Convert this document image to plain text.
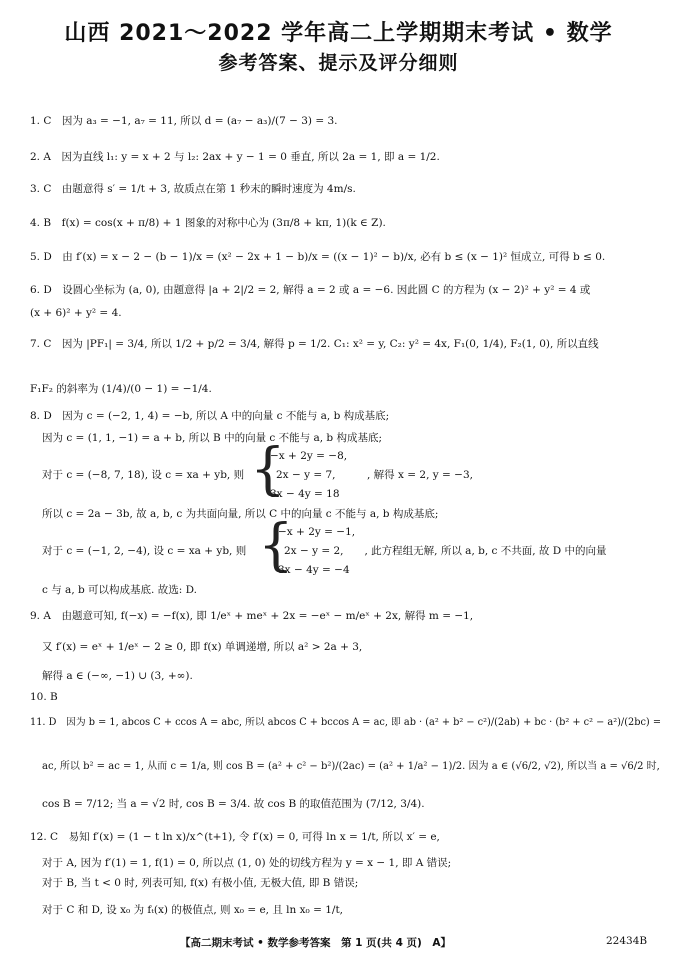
山西 2021～2022 学年高二上学期期末考试 • 数学
参考答案、提示及评分细则
1. C　因为 a₃ = −1, a₇ = 11, 所以 d = (a₇ − a₃)/(7 − 3) = 3.
2. A　因为直线 l₁: y = x + 2 与 l₂: 2ax + y − 1 = 0 垂直, 所以 2a = 1, 即 a = 1/2.
3. C　由题意得 s′ = 1/t + 3, 故质点在第 1 秒末的瞬时速度为 4m/s.
4. B　f(x) = cos(x + π/8) + 1 图象的对称中心为 (3π/8 + kπ, 1)(k ∈ Z).
5. D　由 f′(x) = x − 2 − (b − 1)/x = (x² − 2x + 1 − b)/x = ((x − 1)² − b)/x, 必有 b ≤ (x − 1)² 恒成立, 可得 b ≤ 0.
6. D　设圆心坐标为 (a, 0), 由题意得 |a + 2|/2 = 2, 解得 a = 2 或 a = −6. 因此圆 C 的方程为 (x − 2)² + y² = 4 或
(x + 6)² + y² = 4.
7. C　因为 |PF₁| = 3/4, 所以 1/2 + p/2 = 3/4, 解得 p = 1/2. C₁: x² = y, C₂: y² = 4x, F₁(0, 1/4), F₂(1, 0), 所以直线
F₁F₂ 的斜率为 (1/4)/(0 − 1) = −1/4.
8. D　因为 c = (−2, 1, 4) = −b, 所以 A 中的向量 c 不能与 a, b 构成基底;
因为 c = (1, 1, −1) = a + b, 所以 B 中的向量 c 不能与 a, b 构成基底;
{
−x + 2y = −8,
对于 c = (−8, 7, 18), 设 c = xa + yb, 则	2x − y = 7,　　　, 解得 x = 2, y = −3,
3x − 4y = 18
所以 c = 2a − 3b, 故 a, b, c 为共面向量, 所以 C 中的向量 c 不能与 a, b 构成基底;
{
−x + 2y = −1,
对于 c = (−1, 2, −4), 设 c = xa + yb, 则	2x − y = 2,　　, 此方程组无解, 所以 a, b, c 不共面, 故 D 中的向量
3x − 4y = −4
c 与 a, b 可以构成基底. 故选: D.
9. A　由题意可知, f(−x) = −f(x), 即 1/eˣ + meˣ + 2x = −eˣ − m/eˣ + 2x, 解得 m = −1,
又 f′(x) = eˣ + 1/eˣ − 2 ≥ 0, 即 f(x) 单调递增, 所以 a² > 2a + 3,
解得 a ∈ (−∞, −1) ∪ (3, +∞).
10. B
11. D　因为 b = 1, abcos C + ccos A = abc, 所以 abcos C + bccos A = ac, 即 ab · (a² + b² − c²)/(2ab) + bc · (b² + c² − a²)/(2bc) =
ac, 所以 b² = ac = 1, 从而 c = 1/a, 则 cos B = (a² + c² − b²)/(2ac) = (a² + 1/a² − 1)/2. 因为 a ∈ (√6/2, √2), 所以当 a = √6/2 时,
cos B = 7/12; 当 a = √2 时, cos B = 3/4. 故 cos B 的取值范围为 (7/12, 3/4).
12. C　易知 f′(x) = (1 − t ln x)/x^(t+1), 令 f′(x) = 0, 可得 ln x = 1/t, 所以 x′ = e,
对于 A, 因为 f′(1) = 1, f(1) = 0, 所以点 (1, 0) 处的切线方程为 y = x − 1, 即 A 错误;
对于 B, 当 t < 0 时, 列表可知, f(x) 有极小值, 无极大值, 即 B 错误;
对于 C 和 D, 设 x₀ 为 fₜ(x) 的极值点, 则 x₀ = e, 且 ln x₀ = 1/t,
【高二期末考试 • 数学参考答案　第 1 页(共 4 页)　A】	22434B
